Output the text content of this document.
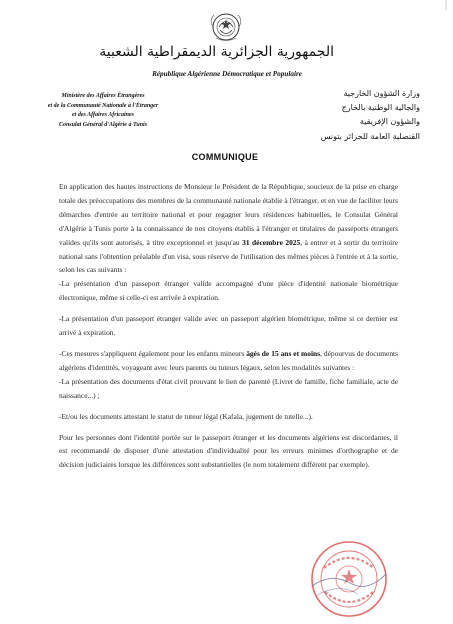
الجمهورية الجزائرية الديمقراطية الشعبية
République Algérienne Démocratique et Populaire
Ministère des Affaires Étrangères
et de la Communauté Nationale à l'Étranger
et des Affaires Africaines
Consulat Général d'Algérie à Tunis
وزارة الشؤون الخارجية
والجالية الوطنية بالخارج
والشؤون الإفريقية
القنصلية العامة للجزائر بتونس
COMMUNIQUE

En application des hautes instructions de Monsieur le Président de la République, soucieux de la prise en charge totale des préoccupations des membres de la communauté nationale établie à l'étranger, et en vue de faciliter leurs démarches d'entrée au territoire national et pour regagner leurs résidences habituelles, le Consulat Général d'Algérie à Tunis porte à la connaissance de nos citoyens établis à l'étranger et titulaires de passeports étrangers valides qu'ils sont autorisés, à titre exceptionnel et jusqu'au 31 décembre 2025, à entrer et à sortir du territoire national sans l'obtention préalable d'un visa, sous réserve de l'utilisation des mêmes pièces à l'entrée et à la sortie, selon les cas suivants :

-La présentation d'un passeport étranger valide accompagné d'une pièce d'identité nationale biométrique électronique, même si celle-ci est arrivée à expiration.

-La présentation d'un passeport étranger valide avec un passeport algérien biométrique, même si ce dernier est arrivé à expiration.

-Ces mesures s'appliquent également pour les enfants mineurs âgés de 15 ans et moins, dépourvus de documents algériens d'identités, voyageant avec leurs parents ou tuteurs légaux, selon les modalités suivantes :

-La présentation des documents d'état civil prouvant le lien de parenté (Livret de famille, fiche familiale, acte de naissance...) ;

-Et/ou les documents attestant le statut de tuteur légal (Kafala, jugement de tutelle...).

Pour les personnes dont l'identité portée sur le passeport étranger et les documents algériens est discordantes, il est recommandé de disposer d'une attestation d'individualité pour les erreurs minimes d'orthographe et de décision judiciaires lorsque les différences sont substantielles (le nom totalement différent par exemple).
